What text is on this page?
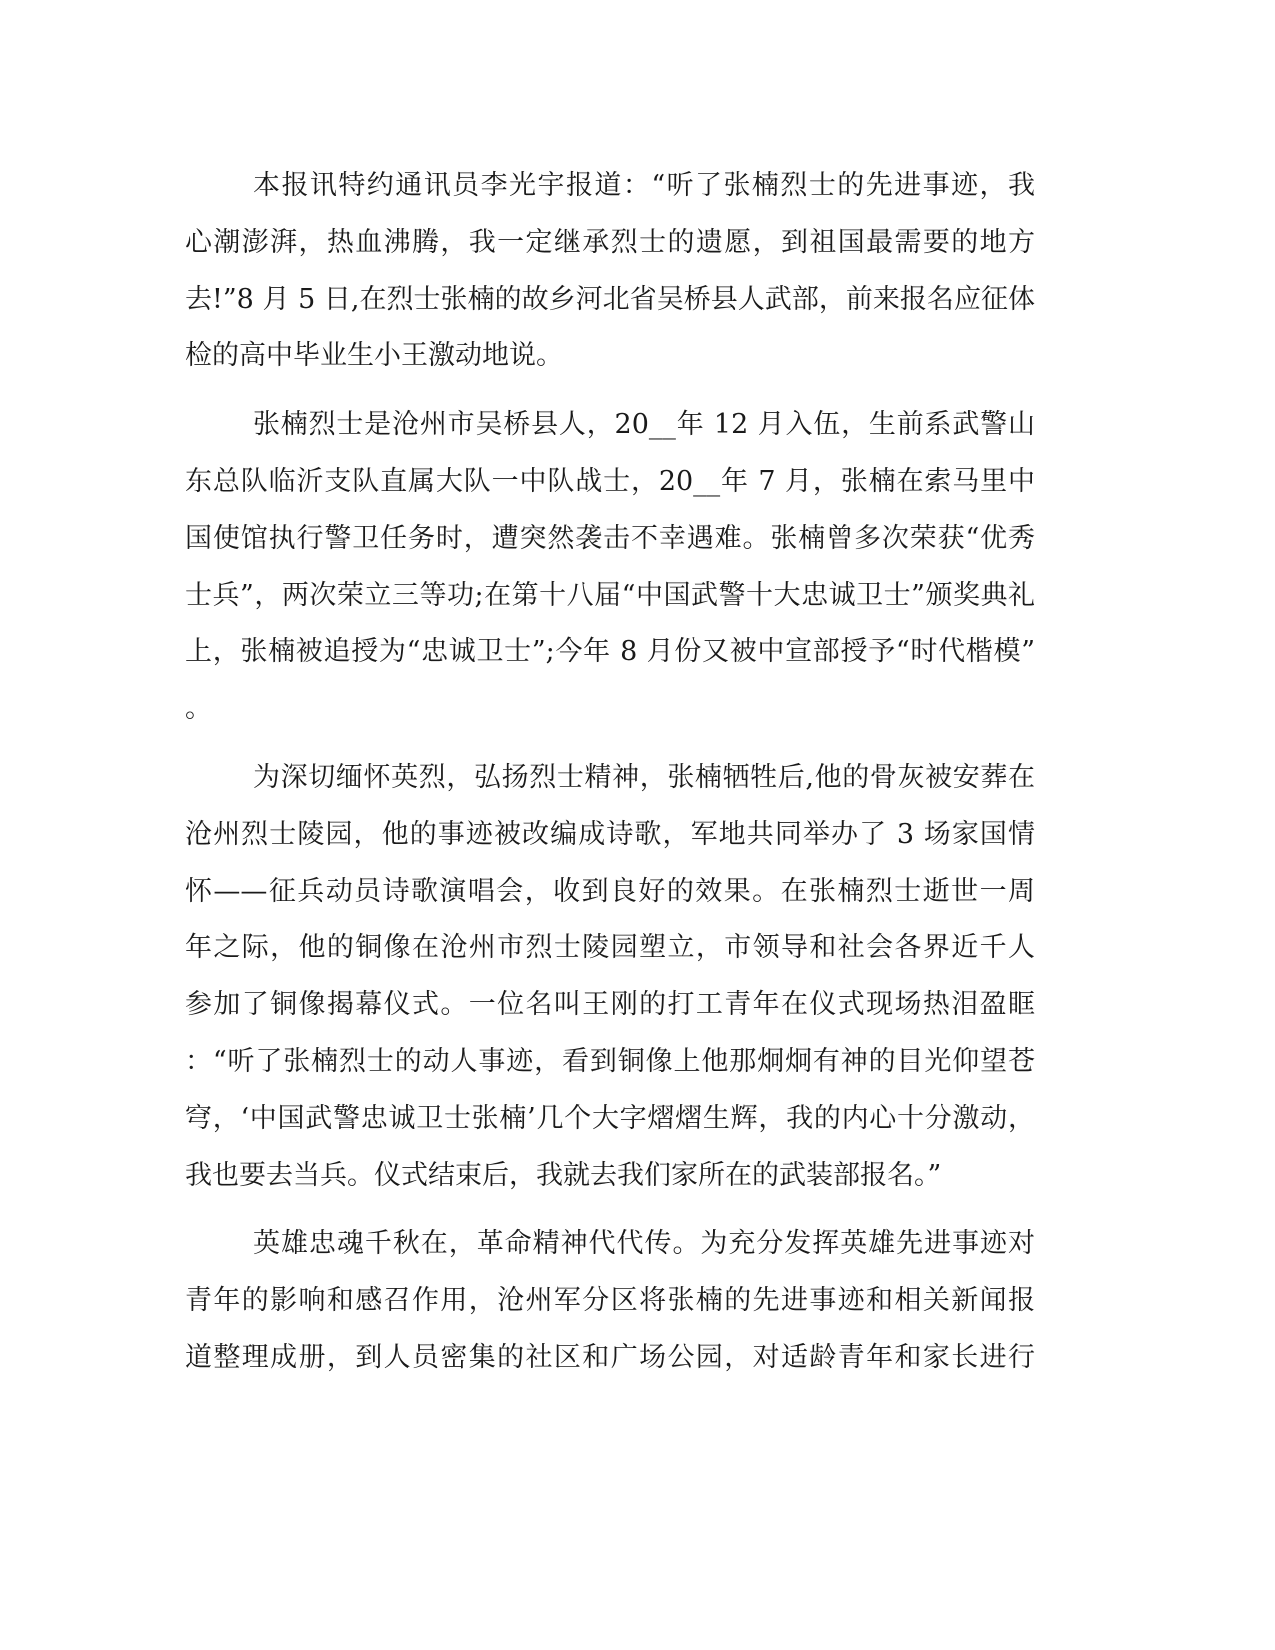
本报讯特约通讯员李光宇报道：“听了张楠烈士的先进事迹，我
心潮澎湃，热血沸腾，我一定继承烈士的遗愿，到祖国最需要的地方
去!”8 月 5 日,在烈士张楠的故乡河北省吴桥县人武部，前来报名应征体
检的高中毕业生小王激动地说。
张楠烈士是沧州市吴桥县人，20__年 12 月入伍，生前系武警山
东总队临沂支队直属大队一中队战士，20__年 7 月，张楠在索马里中
国使馆执行警卫任务时，遭突然袭击不幸遇难。张楠曾多次荣获“优秀
士兵”，两次荣立三等功;在第十八届“中国武警十大忠诚卫士”颁奖典礼
上，张楠被追授为“忠诚卫士”;今年 8 月份又被中宣部授予“时代楷模”
。
为深切缅怀英烈，弘扬烈士精神，张楠牺牲后,他的骨灰被安葬在
沧州烈士陵园，他的事迹被改编成诗歌，军地共同举办了 3 场家国情
怀——征兵动员诗歌演唱会，收到良好的效果。在张楠烈士逝世一周
年之际，他的铜像在沧州市烈士陵园塑立，市领导和社会各界近千人
参加了铜像揭幕仪式。一位名叫王刚的打工青年在仪式现场热泪盈眶
：“听了张楠烈士的动人事迹，看到铜像上他那炯炯有神的目光仰望苍
穹，‘中国武警忠诚卫士张楠’几个大字熠熠生辉，我的内心十分激动，
我也要去当兵。仪式结束后，我就去我们家所在的武装部报名。”
英雄忠魂千秋在，革命精神代代传。为充分发挥英雄先进事迹对
青年的影响和感召作用，沧州军分区将张楠的先进事迹和相关新闻报
道整理成册，到人员密集的社区和广场公园，对适龄青年和家长进行
